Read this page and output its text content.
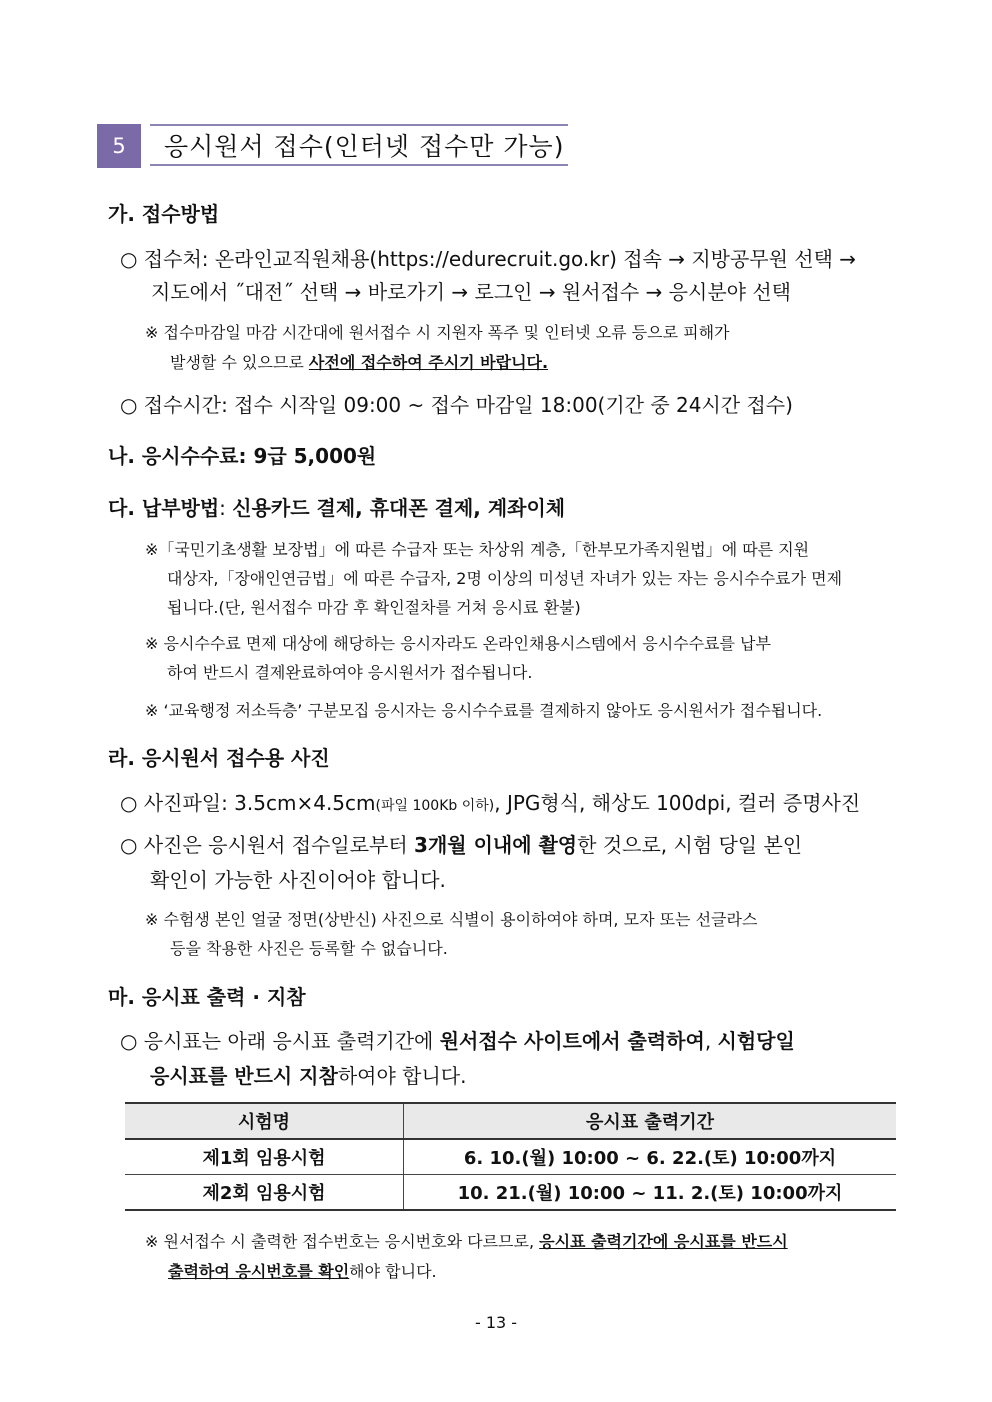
5	응시원서 접수(인터넷 접수만 가능)
가. 접수방법
○ 접수처: 온라인교직원채용(https://edurecruit.go.kr) 접속 → 지방공무원 선택 →
지도에서 ˝대전˝ 선택 → 바로가기 → 로그인 → 원서접수 → 응시분야 선택
※ 접수마감일 마감 시간대에 원서접수 시 지원자 폭주 및 인터넷 오류 등으로 피해가
발생할 수 있으므로 사전에 접수하여 주시기 바랍니다.
○ 접수시간: 접수 시작일 09:00 ~ 접수 마감일 18:00(기간 중 24시간 접수)
나. 응시수수료: 9급 5,000원
다. 납부방법: 신용카드 결제, 휴대폰 결제, 계좌이체
※「국민기초생활 보장법」에 따른 수급자 또는 차상위 계층,「한부모가족지원법」에 따른 지원
대상자,「장애인연금법」에 따른 수급자, 2명 이상의 미성년 자녀가 있는 자는 응시수수료가 면제
됩니다.(단, 원서접수 마감 후 확인절차를 거쳐 응시료 환불)
※ 응시수수료 면제 대상에 해당하는 응시자라도 온라인채용시스템에서 응시수수료를 납부
하여 반드시 결제완료하여야 응시원서가 접수됩니다.
※ ‘교육행정 저소득층’ 구분모집 응시자는 응시수수료를 결제하지 않아도 응시원서가 접수됩니다.
라. 응시원서 접수용 사진
○ 사진파일: 3.5cm×4.5cm(파일 100Kb 이하), JPG형식, 해상도 100dpi, 컬러 증명사진
○ 사진은 응시원서 접수일로부터 3개월 이내에 촬영한 것으로, 시험 당일 본인
확인이 가능한 사진이어야 합니다.
※ 수험생 본인 얼굴 정면(상반신) 사진으로 식별이 용이하여야 하며, 모자 또는 선글라스
등을 착용한 사진은 등록할 수 없습니다.
마. 응시표 출력 · 지참
○ 응시표는 아래 응시표 출력기간에 원서접수 사이트에서 출력하여, 시험당일
응시표를 반드시 지참하여야 합니다.
시험명	응시표 출력기간
제1회 임용시험	6. 10.(월) 10:00 ~ 6. 22.(토) 10:00까지
제2회 임용시험	10. 21.(월) 10:00 ~ 11. 2.(토) 10:00까지
※ 원서접수 시 출력한 접수번호는 응시번호와 다르므로, 응시표 출력기간에 응시표를 반드시
출력하여 응시번호를 확인해야 합니다.
- 13 -
